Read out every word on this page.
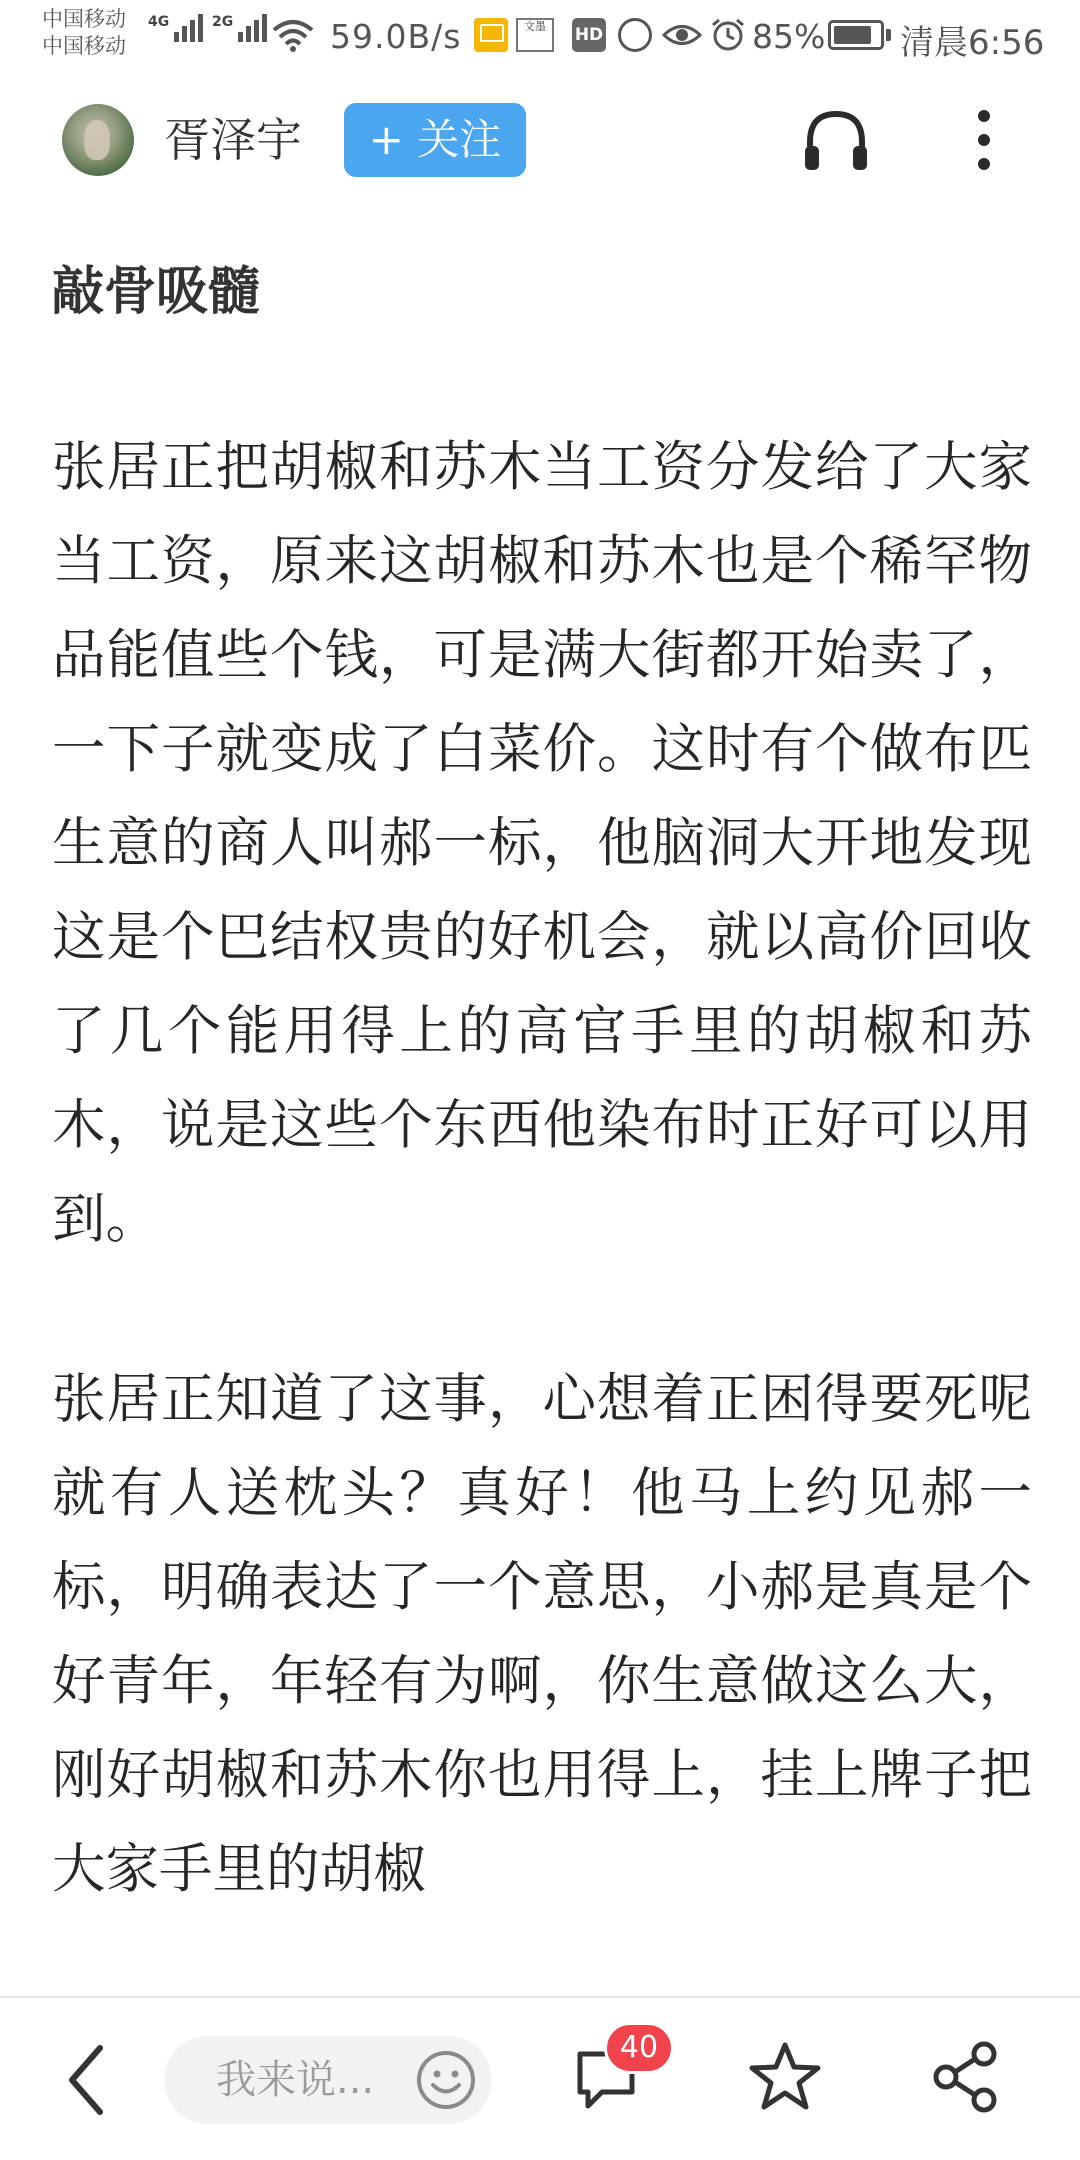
中国移动
中国移动
4G	2G	59.0B/s	文墨	HD	85% 清晨6:56
胥泽宇	+ 关注
敲骨吸髓

张居正把胡椒和苏木当工资分发给了大家当工资，原来这胡椒和苏木也是个稀罕物品能值些个钱，可是满大街都开始卖了，一下子就变成了白菜价。这时有个做布匹生意的商人叫郝一标，他脑洞大开地发现这是个巴结权贵的好机会，就以高价回收了几个能用得上的高官手里的胡椒和苏木，说是这些个东西他染布时正好可以用到。

张居正知道了这事，心想着正困得要死呢就有人送枕头？真好！他马上约见郝一标，明确表达了一个意思，小郝是真是个好青年，年轻有为啊，你生意做这么大，刚好胡椒和苏木你也用得上，挂上牌子把大家手里的胡椒

我来说...
40
